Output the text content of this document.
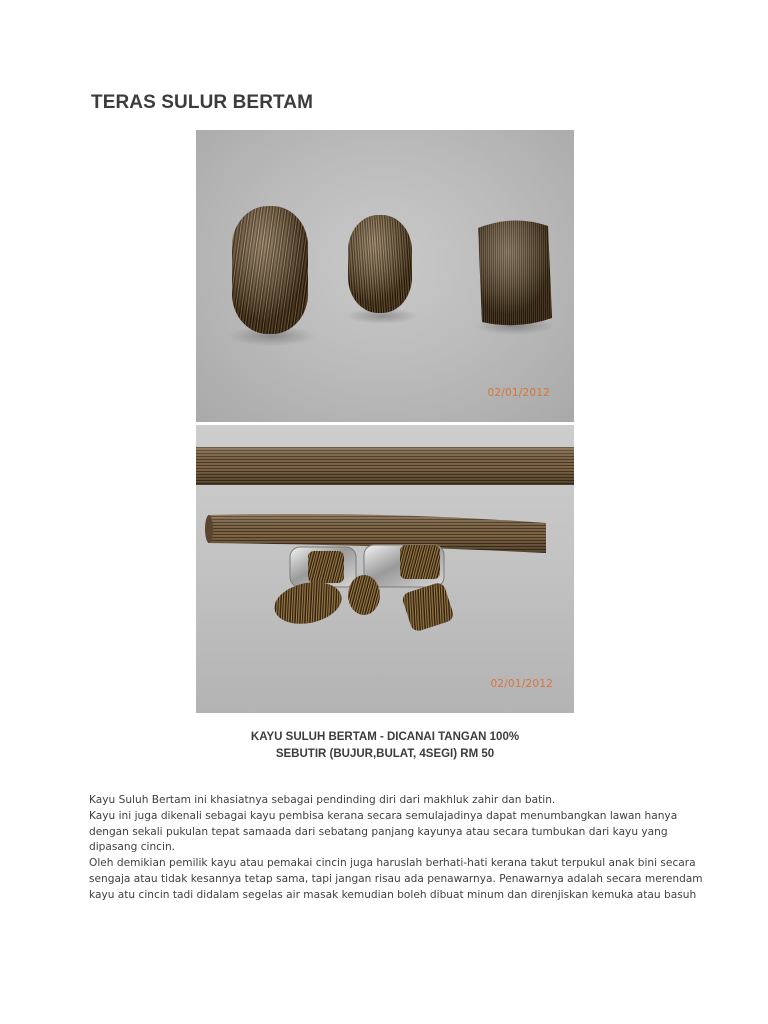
TERAS SULUR BERTAM
02/01/2012
02/01/2012

KAYU SULUH BERTAM - DICANAI TANGAN 100%

SEBUTIR (BUJUR,BULAT, 4SEGI) RM 50

Kayu Suluh Bertam ini khasiatnya sebagai pendinding diri dari makhluk zahir dan batin.

Kayu ini juga dikenali sebagai kayu pembisa kerana secara semulajadinya dapat menumbangkan lawan hanya

dengan sekali pukulan tepat samaada dari sebatang panjang kayunya atau secara tumbukan dari kayu yang

dipasang cincin.

Oleh demikian pemilik kayu atau pemakai cincin juga haruslah berhati-hati kerana takut terpukul anak bini secara

sengaja atau tidak kesannya tetap sama, tapi jangan risau ada penawarnya. Penawarnya adalah secara merendam

kayu atu cincin tadi didalam segelas air masak kemudian boleh dibuat minum dan direnjiskan kemuka atau basuh
